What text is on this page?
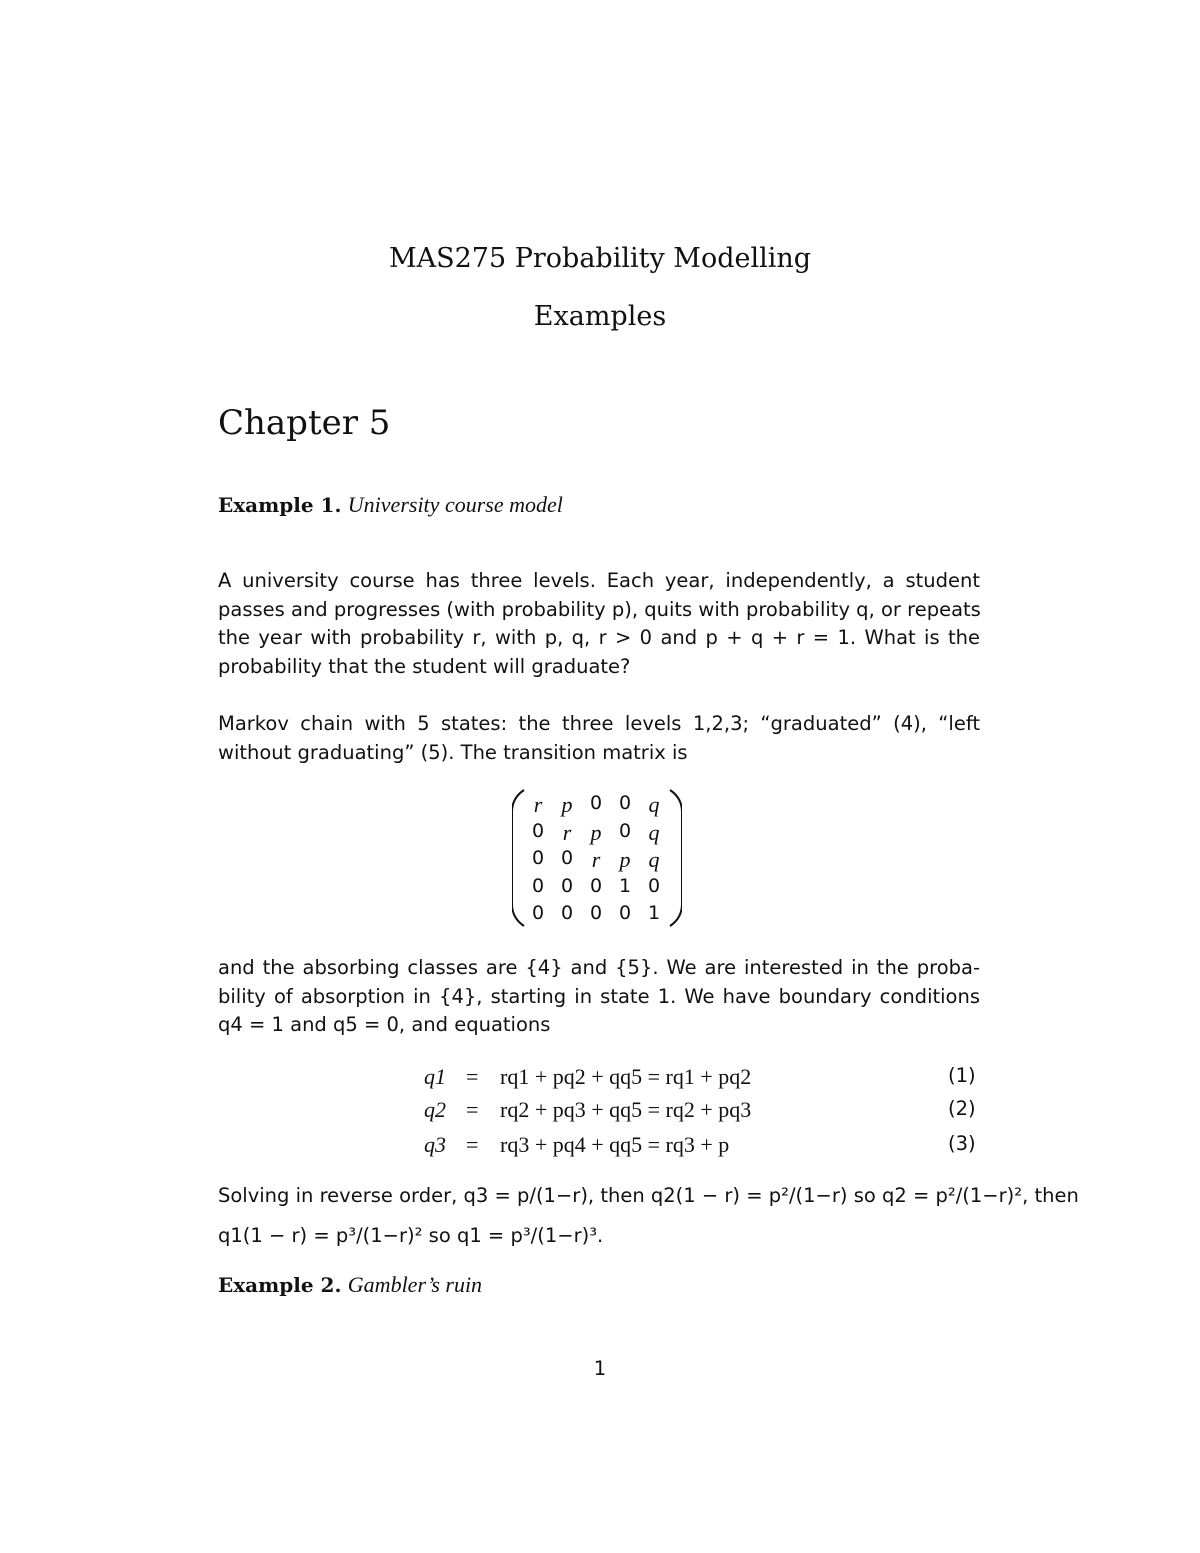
MAS275 Probability Modelling
Examples
Chapter 5
Example 1. University course model
A university course has three levels. Each year, independently, a student
passes and progresses (with probability p), quits with probability q, or repeats
the year with probability r, with p, q, r > 0 and p + q + r = 1. What is the
probability that the student will graduate?
Markov chain with 5 states: the three levels 1,2,3; “graduated” (4), “left
without graduating” (5). The transition matrix is
r p 0 0 q
0 r p 0 q
0 0 r p q
0 0 0 1 0
0 0 0 0 1
and the absorbing classes are {4} and {5}. We are interested in the proba-
bility of absorption in {4}, starting in state 1. We have boundary conditions
q4 = 1 and q5 = 0, and equations
q1 = rq1 + pq2 + qq5 = rq1 + pq2	(1)
q2 = rq2 + pq3 + qq5 = rq2 + pq3	(2)
q3 = rq3 + pq4 + qq5 = rq3 + p	(3)
Solving in reverse order, q3 = p/(1−r), then q2(1 − r) = p²/(1−r) so q2 = p²/(1−r)², then
q1(1 − r) = p³/(1−r)² so q1 = p³/(1−r)³.
Example 2. Gambler’s ruin
1
